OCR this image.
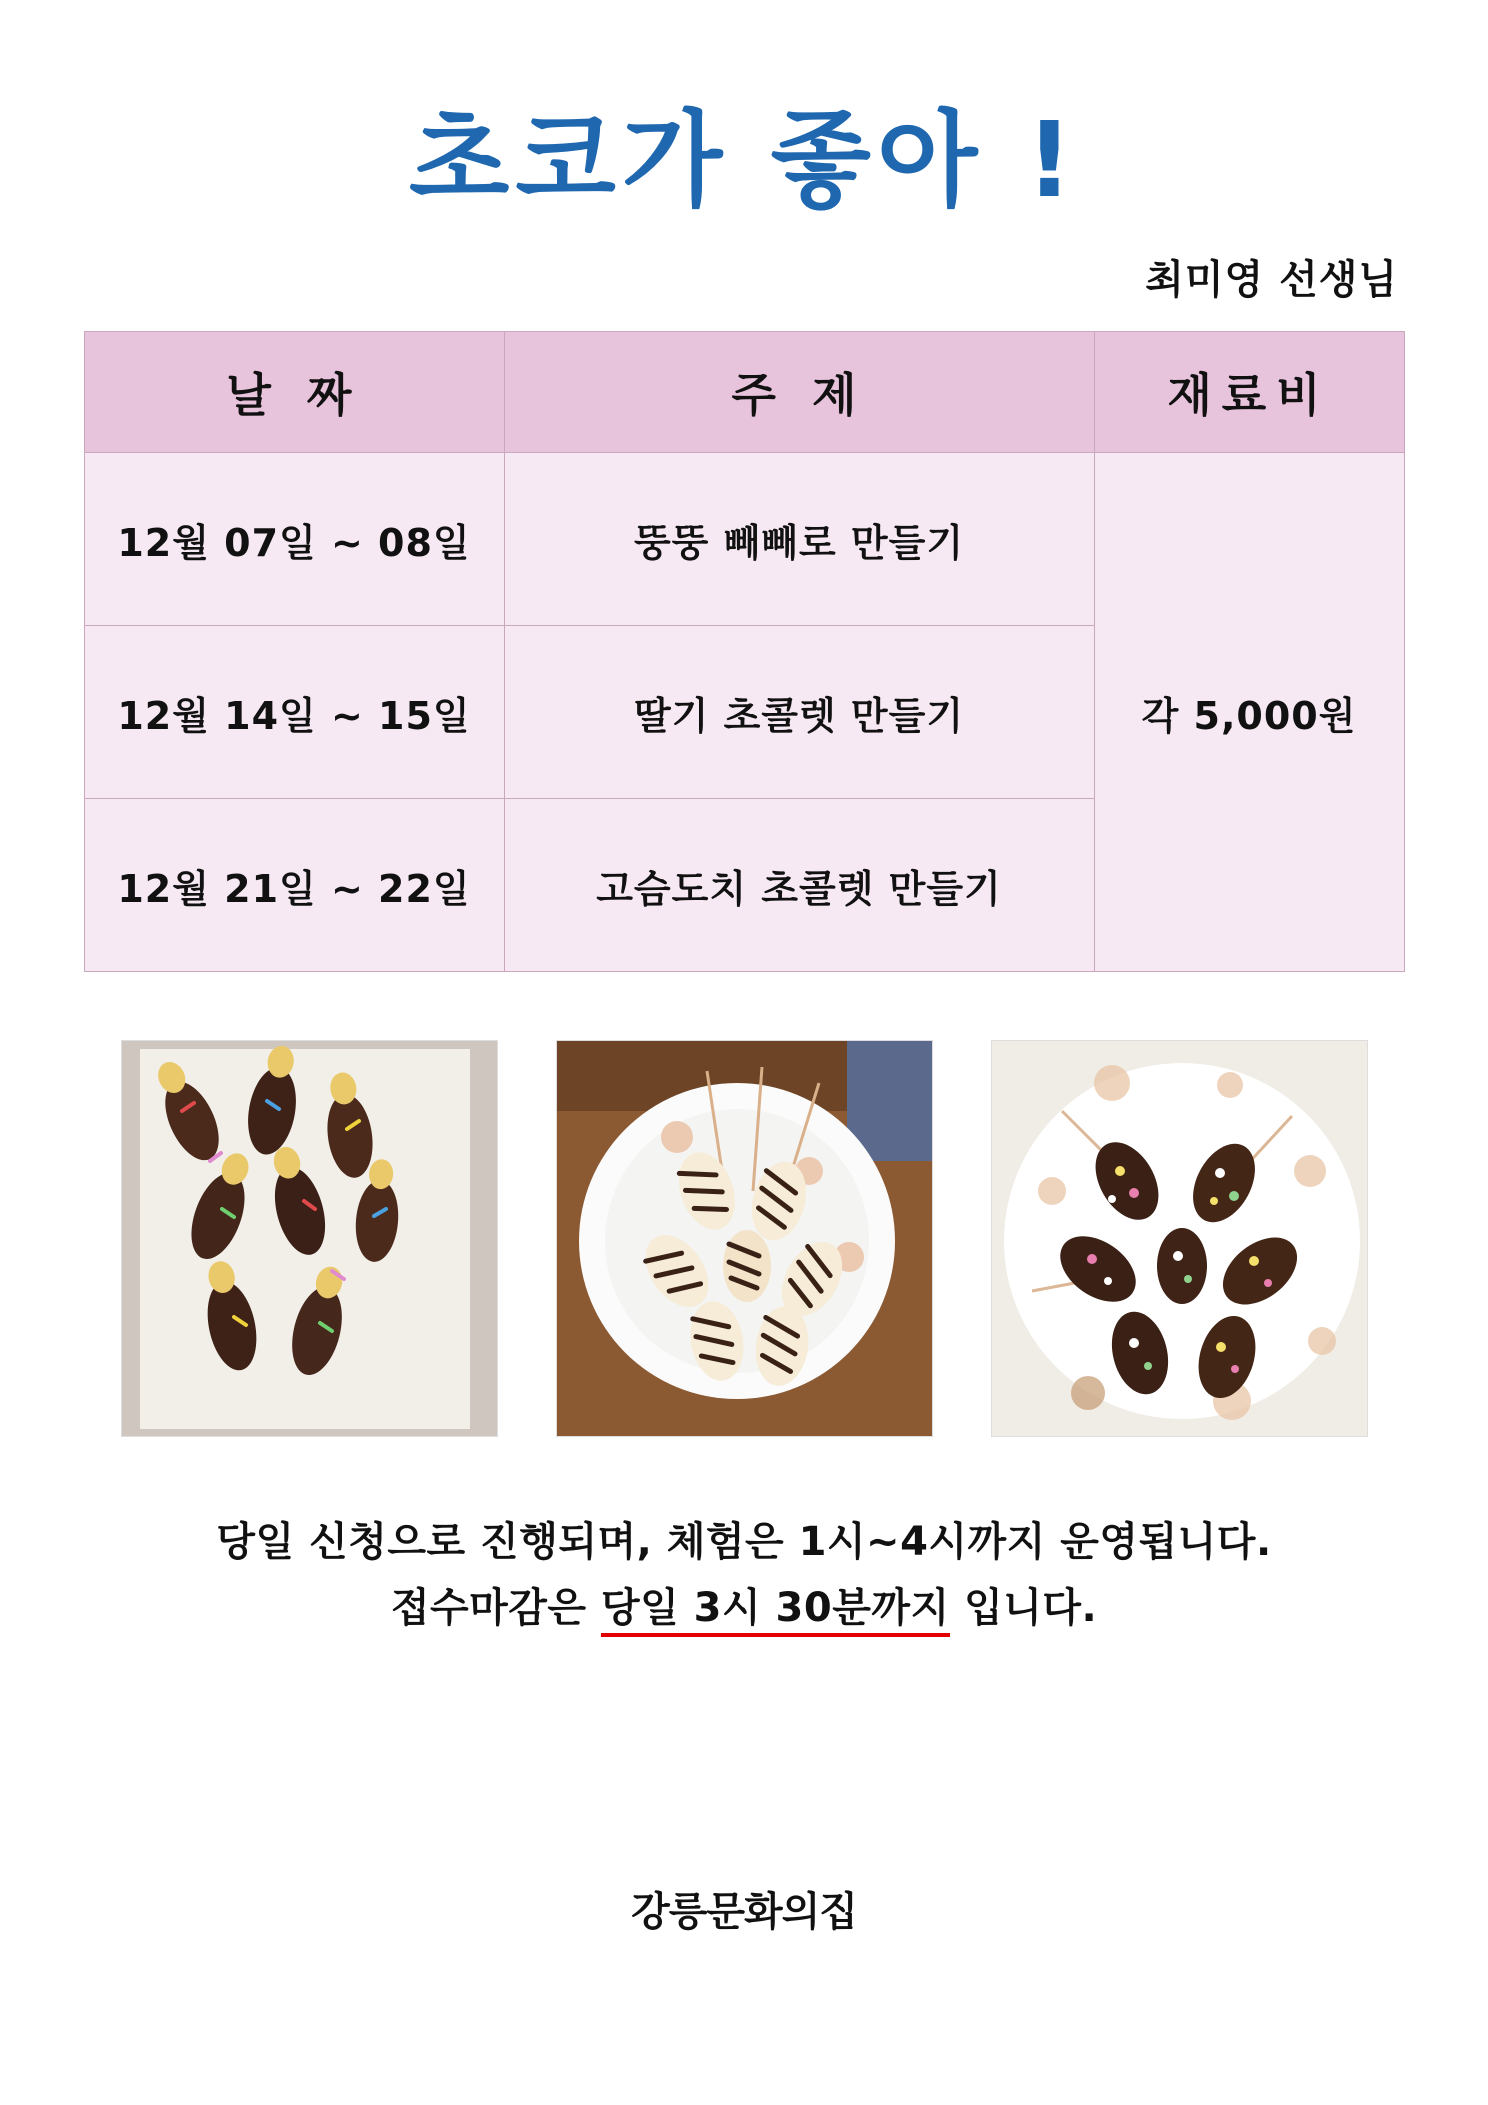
초코가 좋아 !
최미영 선생님
날 짜	주 제	재료비
12월 07일 ~ 08일	뚱뚱 빼빼로 만들기	각 5,000원
12월 14일 ~ 15일	딸기 초콜렛 만들기	
12월 21일 ~ 22일	고슴도치 초콜렛 만들기	
당일 신청으로 진행되며, 체험은 1시~4시까지 운영됩니다.
접수마감은 당일 3시 30분까지 입니다.
강릉문화의집
